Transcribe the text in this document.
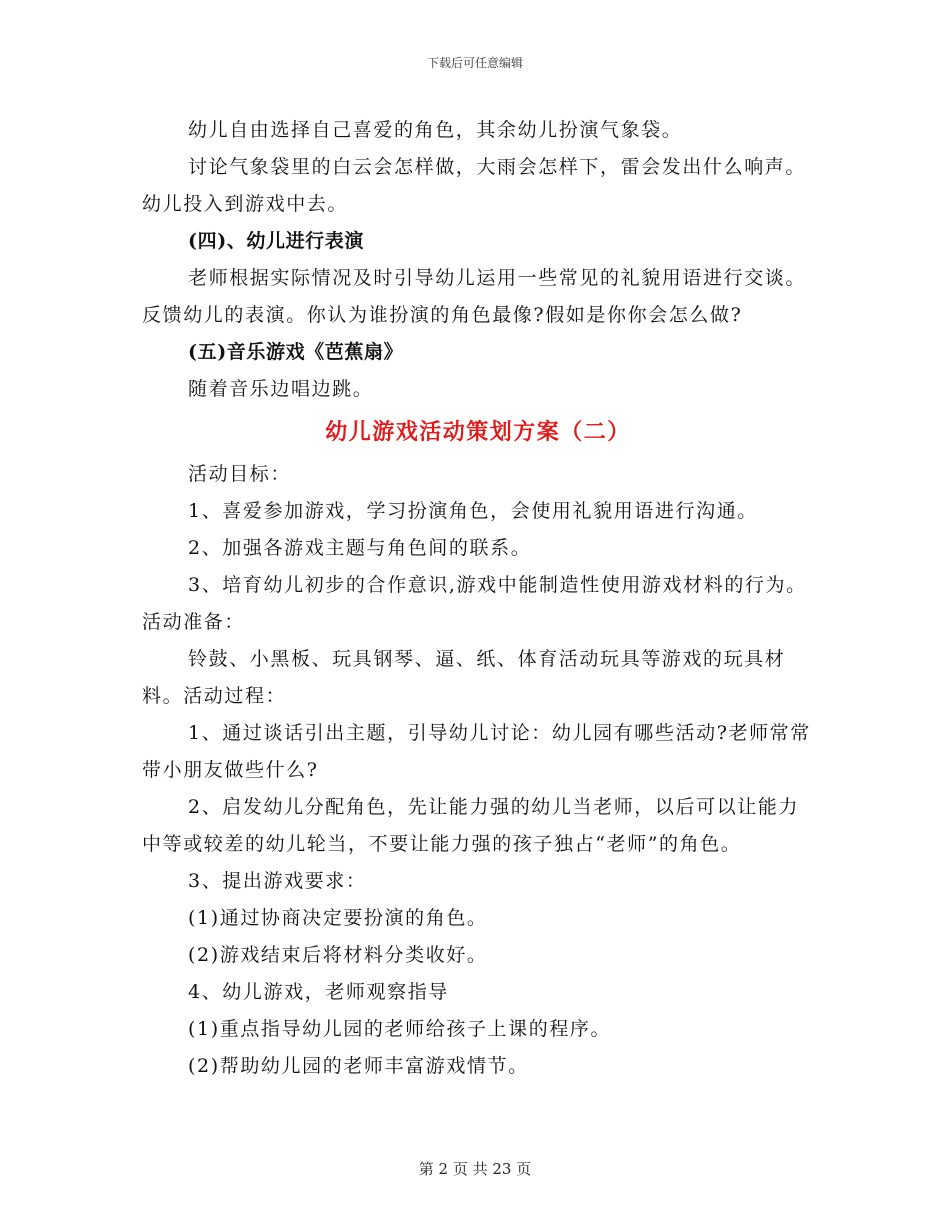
下载后可任意编辑

幼儿自由选择自己喜爱的角色，其余幼儿扮演气象袋。

讨论气象袋里的白云会怎样做，大雨会怎样下，雷会发出什么响声。幼儿投入到游戏中去。

(四)、幼儿进行表演

老师根据实际情况及时引导幼儿运用一些常见的礼貌用语进行交谈。反馈幼儿的表演。你认为谁扮演的角色最像?假如是你你会怎么做?

(五)音乐游戏《芭蕉扇》

随着音乐边唱边跳。

幼儿游戏活动策划方案（二）

活动目标：

1、喜爱参加游戏，学习扮演角色，会使用礼貌用语进行沟通。

2、加强各游戏主题与角色间的联系。

3、培育幼儿初步的合作意识,游戏中能制造性使用游戏材料的行为。活动准备：

铃鼓、小黑板、玩具钢琴、逼、纸、体育活动玩具等游戏的玩具材料。活动过程：

1、通过谈话引出主题，引导幼儿讨论：幼儿园有哪些活动?老师常常带小朋友做些什么?

2、启发幼儿分配角色，先让能力强的幼儿当老师，以后可以让能力中等或较差的幼儿轮当，不要让能力强的孩子独占“老师”的角色。

3、提出游戏要求：

(1)通过协商决定要扮演的角色。

(2)游戏结束后将材料分类收好。

4、幼儿游戏，老师观察指导

(1)重点指导幼儿园的老师给孩子上课的程序。

(2)帮助幼儿园的老师丰富游戏情节。

第 2 页 共 23 页
